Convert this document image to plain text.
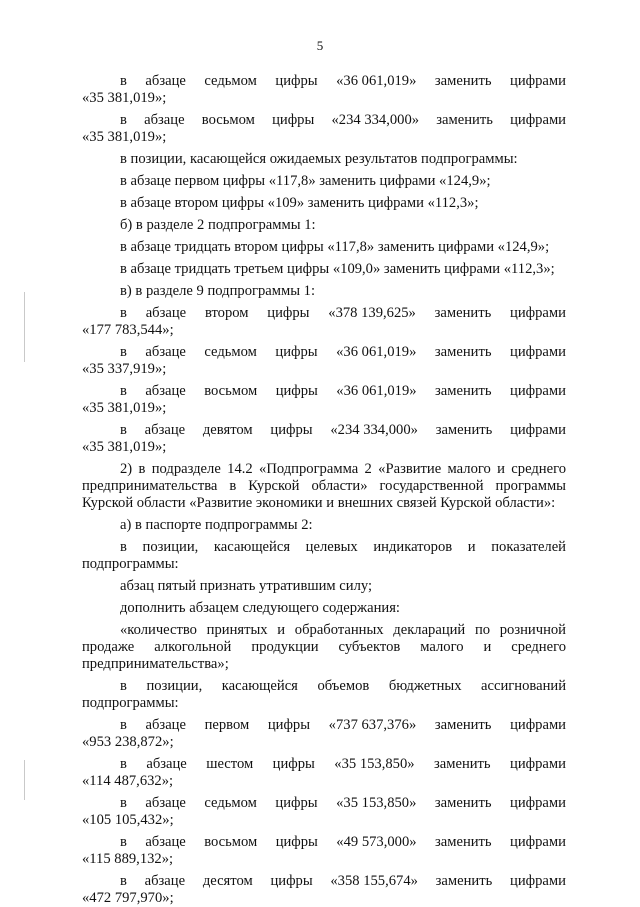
5
в абзаце седьмом цифры «36 061,019» заменить цифрами
«35 381,019»;
в абзаце восьмом цифры «234 334,000» заменить цифрами
«35 381,019»;
в позиции, касающейся ожидаемых результатов подпрограммы:
в абзаце первом цифры «117,8» заменить цифрами «124,9»;
в абзаце втором цифры «109» заменить цифрами «112,3»;
б) в разделе 2 подпрограммы 1:
в абзаце тридцать втором цифры «117,8» заменить цифрами «124,9»;
в абзаце тридцать третьем цифры «109,0» заменить цифрами «112,3»;
в) в разделе 9 подпрограммы 1:
в абзаце втором цифры «378 139,625» заменить цифрами
«177 783,544»;
в абзаце седьмом цифры «36 061,019» заменить цифрами
«35 337,919»;
в абзаце восьмом цифры «36 061,019» заменить цифрами
«35 381,019»;
в абзаце девятом цифры «234 334,000» заменить цифрами
«35 381,019»;
2) в подразделе 14.2 «Подпрограмма 2 «Развитие малого и среднего предпринимательства в Курской области» государственной программы Курской области «Развитие экономики и внешних связей Курской области»:
а) в паспорте подпрограммы 2:
в позиции, касающейся целевых индикаторов и показателей подпрограммы:
абзац пятый признать утратившим силу;
дополнить абзацем следующего содержания:
«количество принятых и обработанных деклараций по розничной продаже алкогольной продукции субъектов малого и среднего предпринимательства»;
в позиции, касающейся объемов бюджетных ассигнований подпрограммы:
в абзаце первом цифры «737 637,376» заменить цифрами
«953 238,872»;
в абзаце шестом цифры «35 153,850» заменить цифрами
«114 487,632»;
в абзаце седьмом цифры «35 153,850» заменить цифрами
«105 105,432»;
в абзаце восьмом цифры «49 573,000» заменить цифрами
«115 889,132»;
в абзаце десятом цифры «358 155,674» заменить цифрами
«472 797,970»;
